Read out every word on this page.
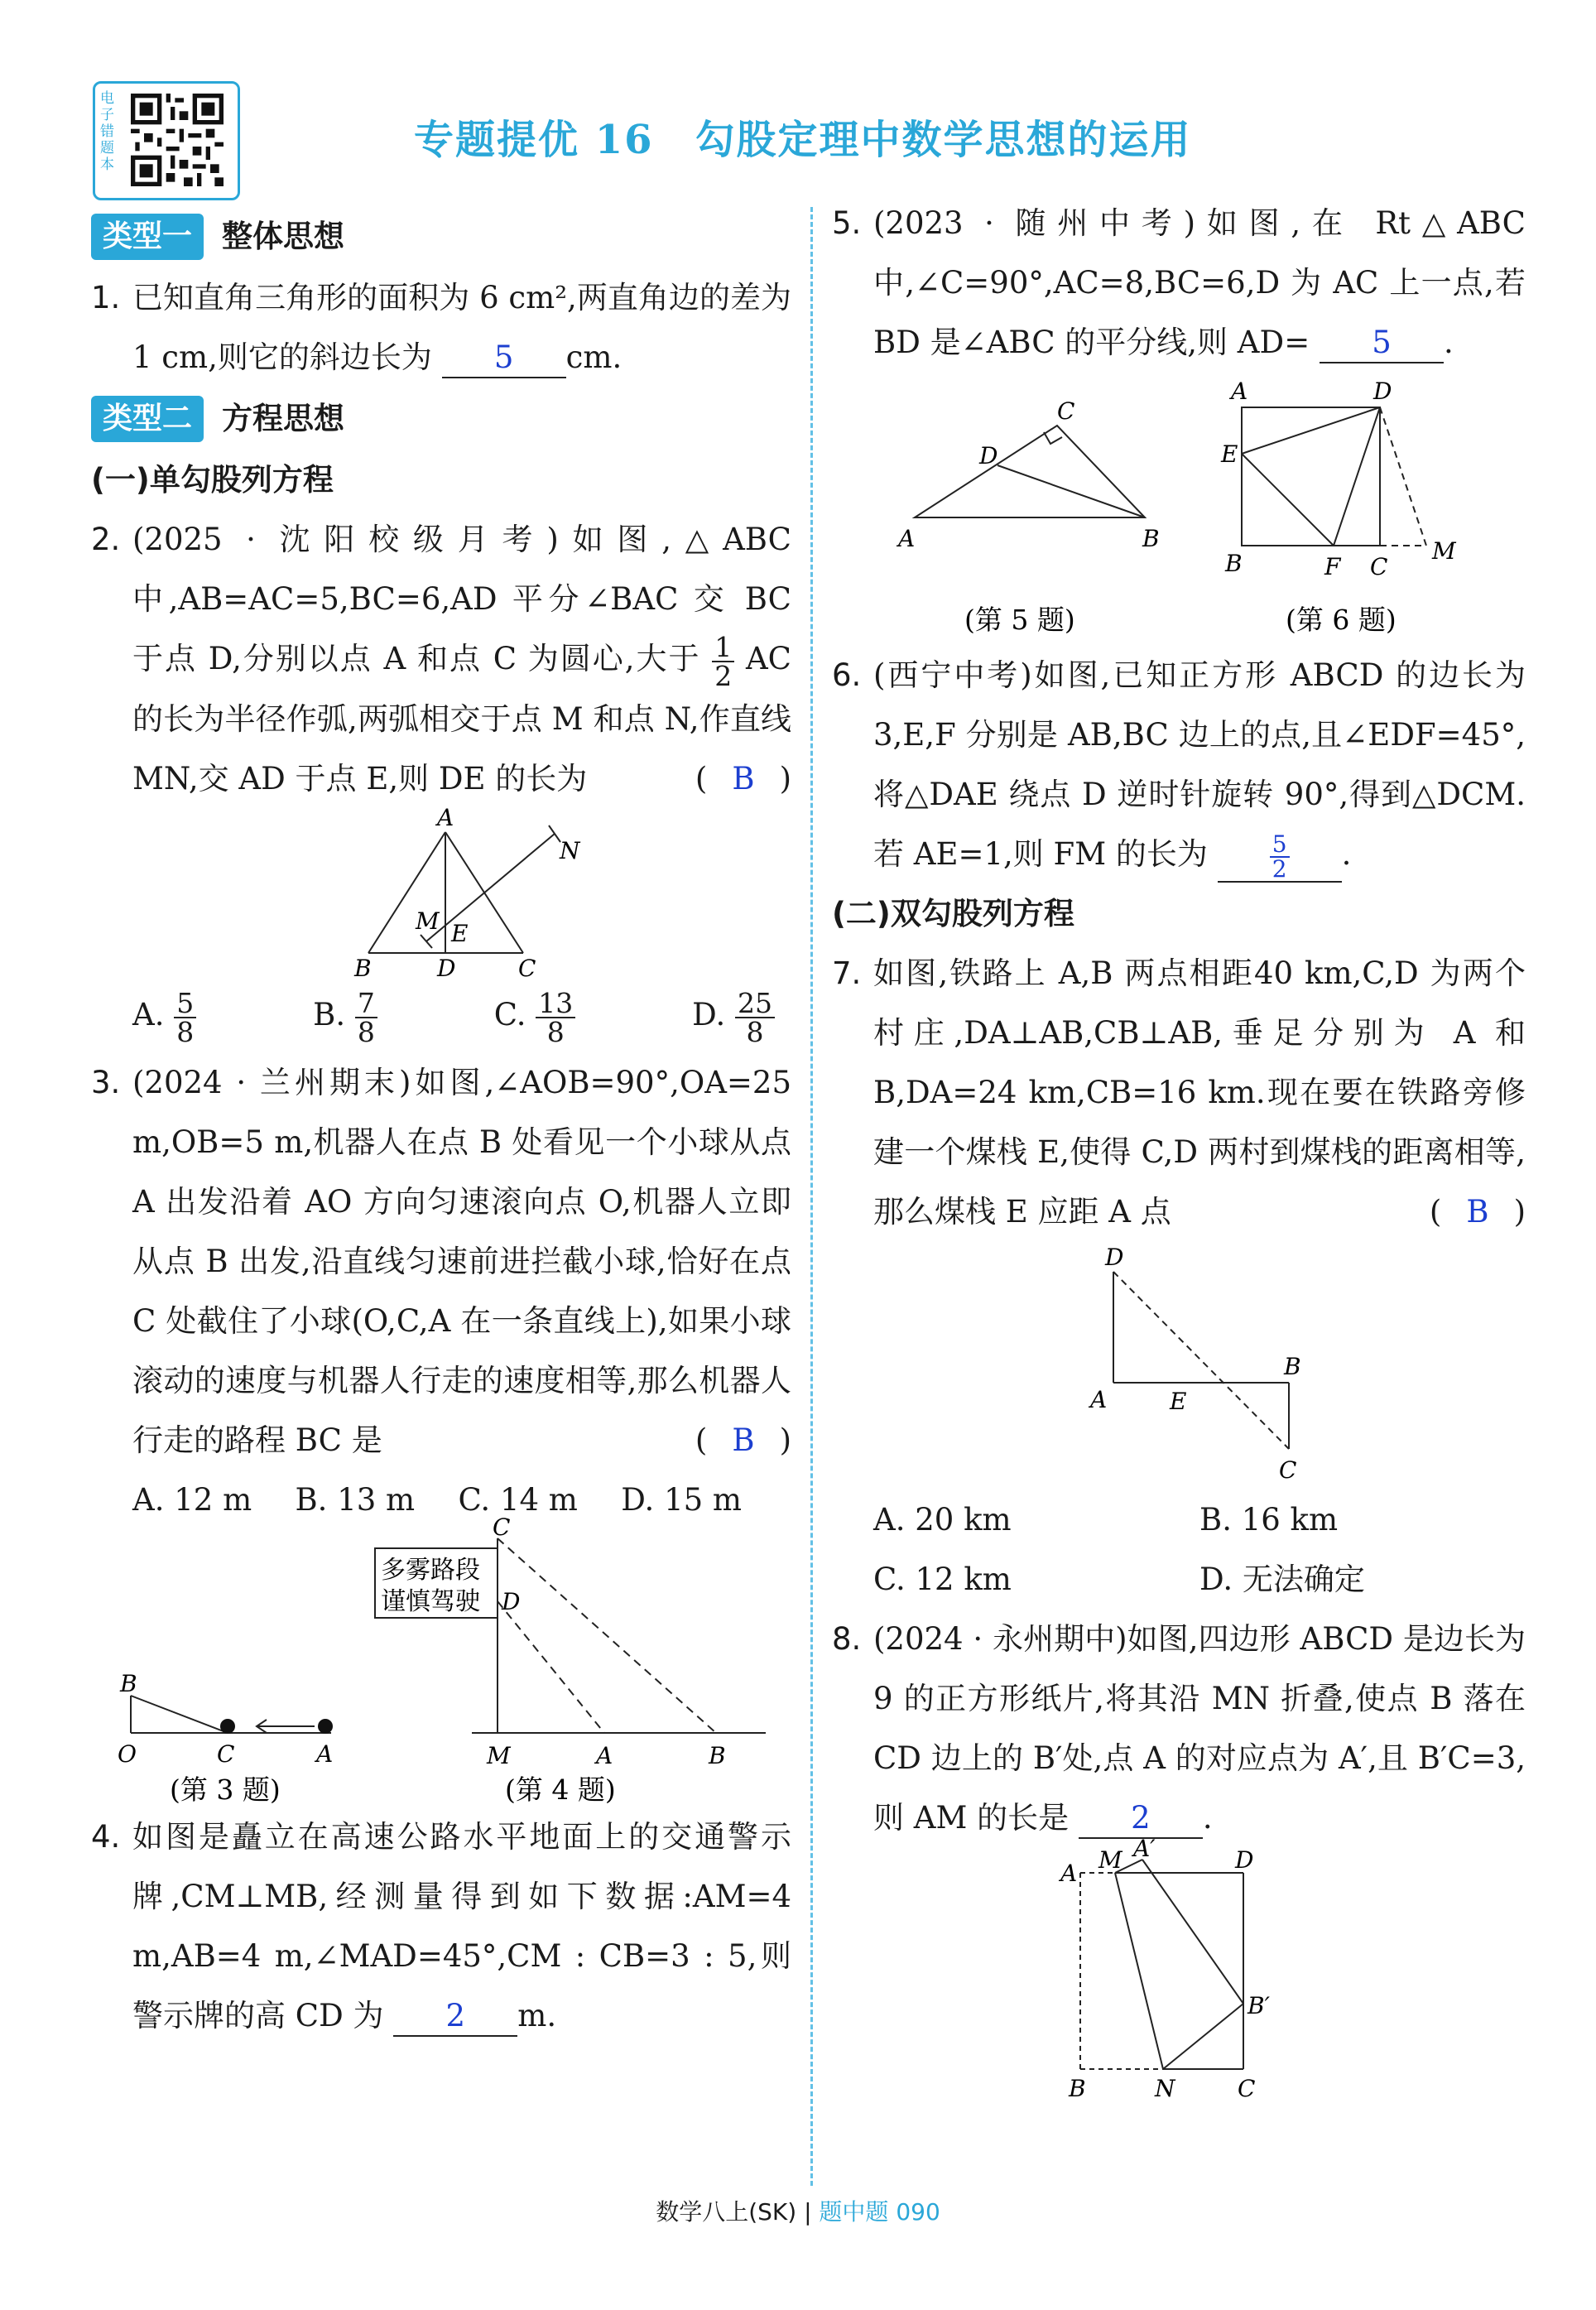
电子错题本
专题提优 16　勾股定理中数学思想的运用
类型一 整体思想
1. 已知直角三角形的面积为 6 cm²,两直角边的差为 1 cm,则它的斜边长为 5 cm.
类型二 方程思想
(一)单勾股列方程
2. (2025 · 沈阳校级月考)如图,△ABC 中,AB=AC=5,BC=6,AD 平分∠BAC 交 BC 于点 D,分别以点 A 和点 C 为圆心,大于 $\frac{1}{2}$ AC 的长为半径作弧,两弧相交于点 M 和点 N,作直线 MN,交 AD 于点 E,则 DE 的长为	( B )
A
B	D	C
M
N
E
A. $\frac{5}{8}$	B. $\frac{7}{8}$	C. $\frac{13}{8}$	D. $\frac{25}{8}$
3. (2024 · 兰州期末)如图,∠AOB=90°,OA=25 m,OB=5 m,机器人在点 B 处看见一个小球从点 A 出发沿着 AO 方向匀速滚向点 O,机器人立即从点 B 出发,沿直线匀速前进拦截小球,恰好在点 C 处截住了小球(O,C,A 在一条直线上),如果小球滚动的速度与机器人行走的速度相等,那么机器人行走的路程 BC 是	( B )
A. 12 m B. 13 m C. 14 m D. 15 m
B
O	C	A
(第 3 题)
多雾路段
谨慎驾驶
C
D
M	A	B
(第 4 题)
4. 如图是矗立在高速公路水平地面上的交通警示牌,CM⊥MB,经测量得到如下数据:AM=4 m,AB=4 m,∠MAD=45°,CM : CB=3 : 5,则警示牌的高 CD 为 2 m.
5. (2023 · 随州中考)如图,在 Rt△ABC 中,∠C=90°,AC=8,BC=6,D 为 AC 上一点,若 BD 是∠ABC 的平分线,则 AD= 5 .
A	B
C
D
(第 5 题)
A	D
E
B	F C
M
(第 6 题)
6. (西宁中考)如图,已知正方形 ABCD 的边长为 3,E,F 分别是 AB,BC 边上的点,且∠EDF=45°,将△DAE 绕点 D 逆时针旋转 90°,得到△DCM.若 AE=1,则 FM 的长为	$\frac{5}{2}$ .
(二)双勾股列方程
7. 如图,铁路上 A,B 两点相距40 km,C,D 为两个村庄,DA⊥AB,CB⊥AB,垂足分别为 A 和 B,DA=24 km,CB=16 km.现在要在铁路旁修建一个煤栈 E,使得 C,D 两村到煤栈的距离相等,那么煤栈 E 应距 A 点	( B )
D
A	E
B
C
A. 20 km	B. 16 km
C. 12 km	D. 无法确定
8. (2024 · 永州期中)如图,四边形 ABCD 是边长为 9 的正方形纸片,将其沿 MN 折叠,使点 B 落在 CD 边上的 B′处,点 A 的对应点为 A′,且 B′C=3,则 AM 的长是 2 .
A M A′	D
B′
B	N	C
数学八上(SK) | 题中题 090
